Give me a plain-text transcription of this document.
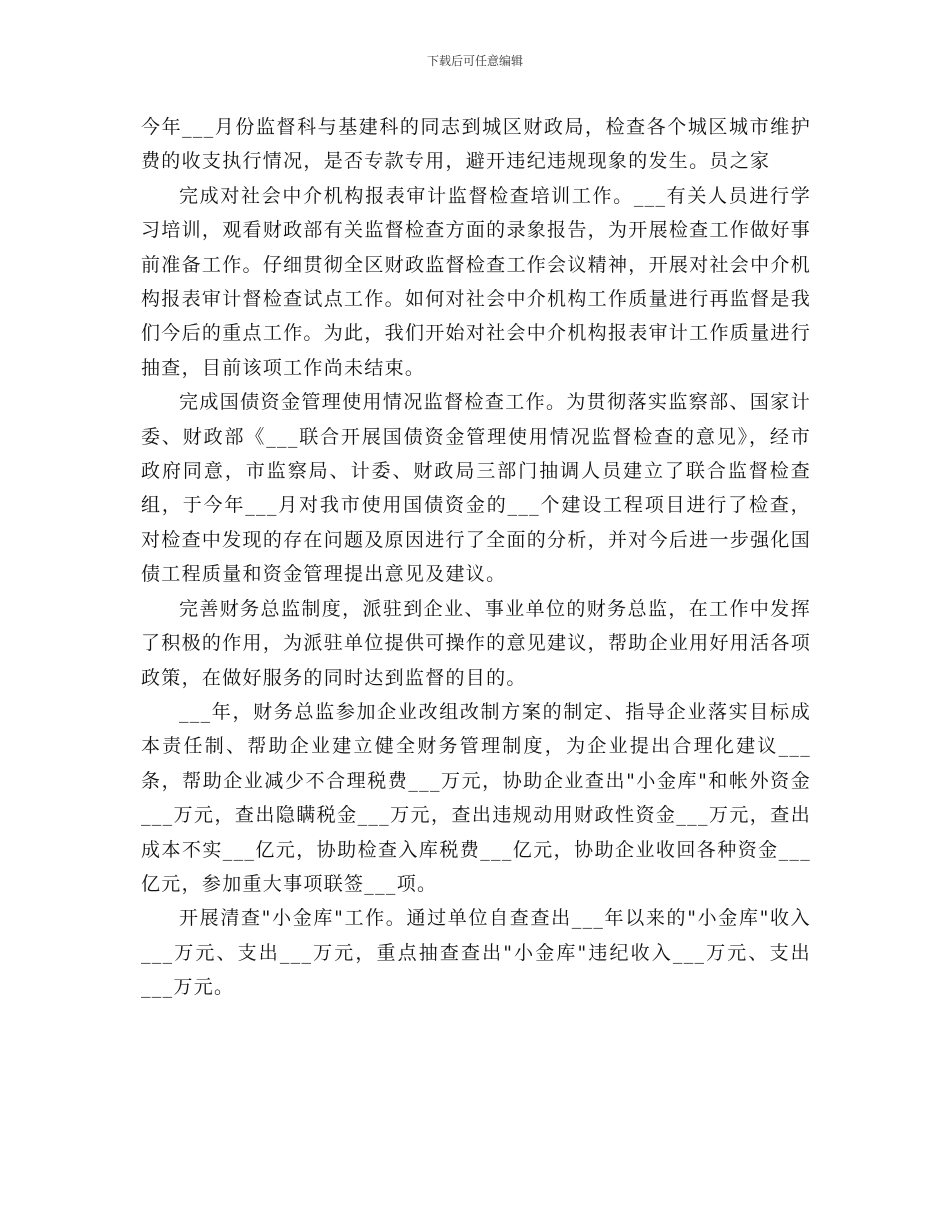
下载后可任意编辑

今年___月份监督科与基建科的同志到城区财政局，检查各个城区城市维护费的收支执行情况，是否专款专用，避开违纪违规现象的发生。员之家

完成对社会中介机构报表审计监督检查培训工作。___有关人员进行学习培训，观看财政部有关监督检查方面的录象报告，为开展检查工作做好事前准备工作。仔细贯彻全区财政监督检查工作会议精神，开展对社会中介机构报表审计督检查试点工作。如何对社会中介机构工作质量进行再监督是我们今后的重点工作。为此，我们开始对社会中介机构报表审计工作质量进行抽查，目前该项工作尚未结束。

完成国债资金管理使用情况监督检查工作。为贯彻落实监察部、国家计委、财政部《___联合开展国债资金管理使用情况监督检查的意见》，经市政府同意，市监察局、计委、财政局三部门抽调人员建立了联合监督检查组，于今年___月对我市使用国债资金的___个建设工程项目进行了检查，对检查中发现的存在问题及原因进行了全面的分析，并对今后进一步强化国债工程质量和资金管理提出意见及建议。

完善财务总监制度，派驻到企业、事业单位的财务总监，在工作中发挥了积极的作用，为派驻单位提供可操作的意见建议，帮助企业用好用活各项政策，在做好服务的同时达到监督的目的。

___年，财务总监参加企业改组改制方案的制定、指导企业落实目标成本责任制、帮助企业建立健全财务管理制度，为企业提出合理化建议___条，帮助企业减少不合理税费___万元，协助企业查出"小金库"和帐外资金___万元，查出隐瞒税金___万元，查出违规动用财政性资金___万元，查出成本不实___亿元，协助检查入库税费___亿元，协助企业收回各种资金___亿元，参加重大事项联签___项。

开展清查"小金库"工作。通过单位自查查出___年以来的"小金库"收入___万元、支出___万元，重点抽查查出"小金库"违纪收入___万元、支出___万元。
